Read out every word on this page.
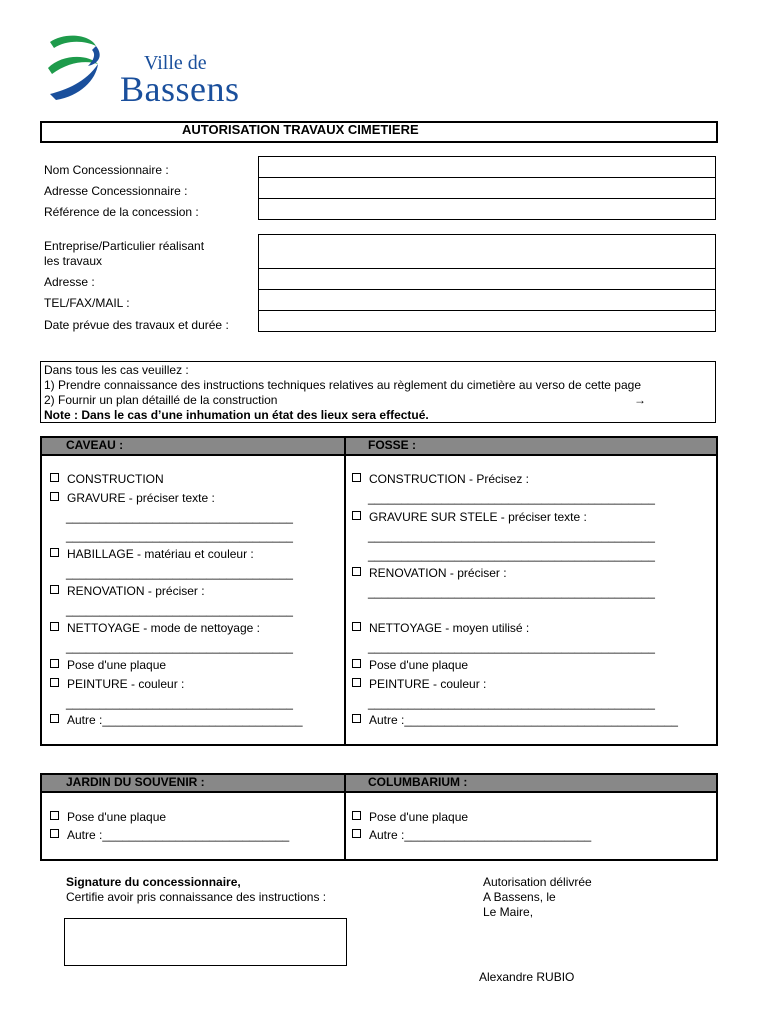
Ville de
Bassens
AUTORISATION TRAVAUX CIMETIERE
Nom Concessionnaire :
Adresse Concessionnaire :
Référence de la concession :
Entreprise/Particulier réalisant
les travaux
Adresse :
TEL/FAX/MAIL :
Date prévue des travaux et durée :
Dans tous les cas veuillez :
1) Prendre connaissance des instructions techniques relatives au règlement du cimetière au verso de cette page
2) Fournir un plan détaillé de la construction	→
Note : Dans le cas d’une inhumation un état des lieux sera effectué.
CAVEAU :	FOSSE :
CONSTRUCTION
GRAVURE - préciser texte :
__________________________________
__________________________________
HABILLAGE - matériau et couleur :
__________________________________
RENOVATION - préciser :
__________________________________
NETTOYAGE - mode de nettoyage :
__________________________________
Pose d'une plaque
PEINTURE - couleur :
__________________________________
Autre :______________________________
CONSTRUCTION - Précisez :
___________________________________________
GRAVURE SUR STELE - préciser texte :
___________________________________________
___________________________________________
RENOVATION - préciser :
___________________________________________
NETTOYAGE - moyen utilisé :
___________________________________________
Pose d'une plaque
PEINTURE - couleur :
___________________________________________
Autre :_________________________________________
JARDIN DU SOUVENIR :	COLUMBARIUM :
Pose d'une plaque
Autre :____________________________
Pose d'une plaque
Autre :____________________________
Signature du concessionnaire,
Certifie avoir pris connaissance des instructions :
Autorisation délivrée
A Bassens, le
Le Maire,
Alexandre RUBIO
